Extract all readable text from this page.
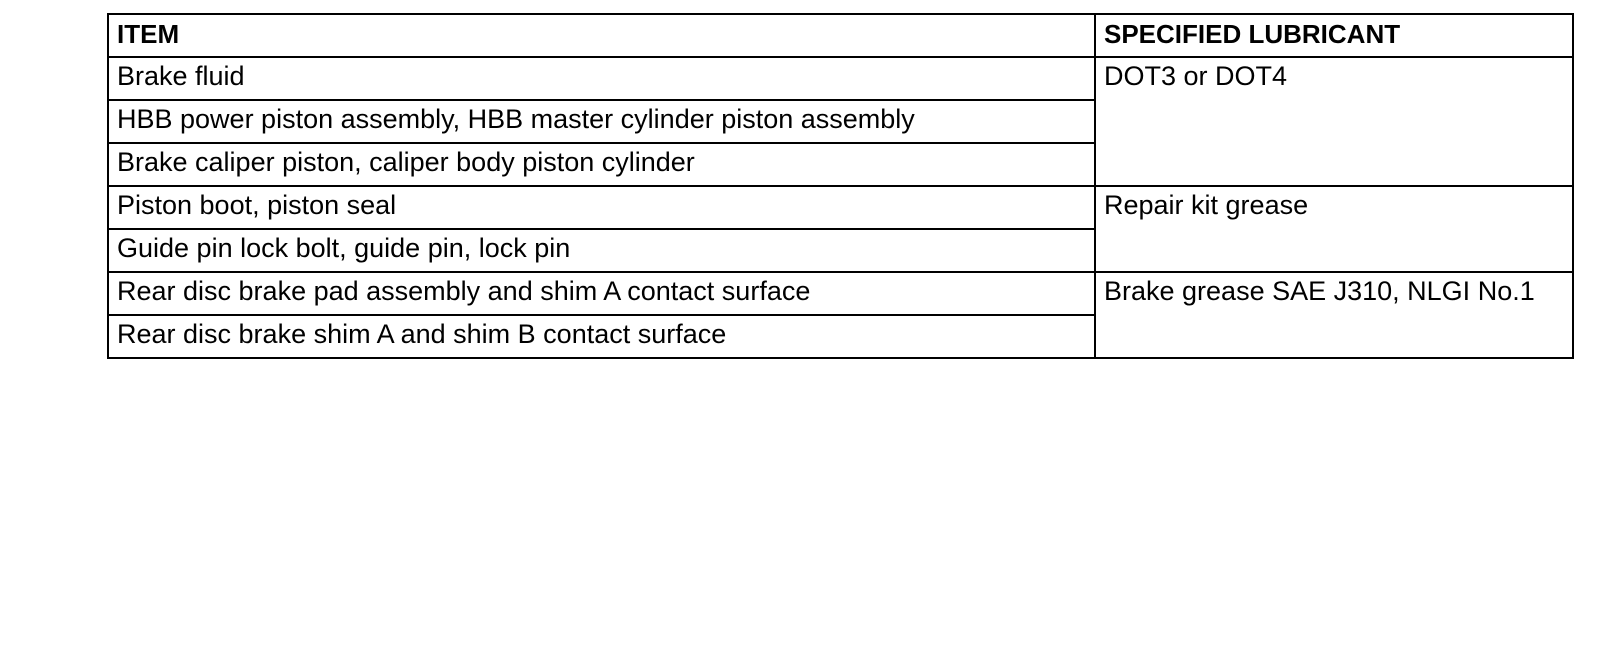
ITEM	SPECIFIED LUBRICANT
Brake fluid	DOT3 or DOT4
HBB power piston assembly, HBB master cylinder piston assembly	
Brake caliper piston, caliper body piston cylinder	
Piston boot, piston seal	Repair kit grease
Guide pin lock bolt, guide pin, lock pin	
Rear disc brake pad assembly and shim A contact surface	Brake grease SAE J310, NLGI No.1
Rear disc brake shim A and shim B contact surface	
